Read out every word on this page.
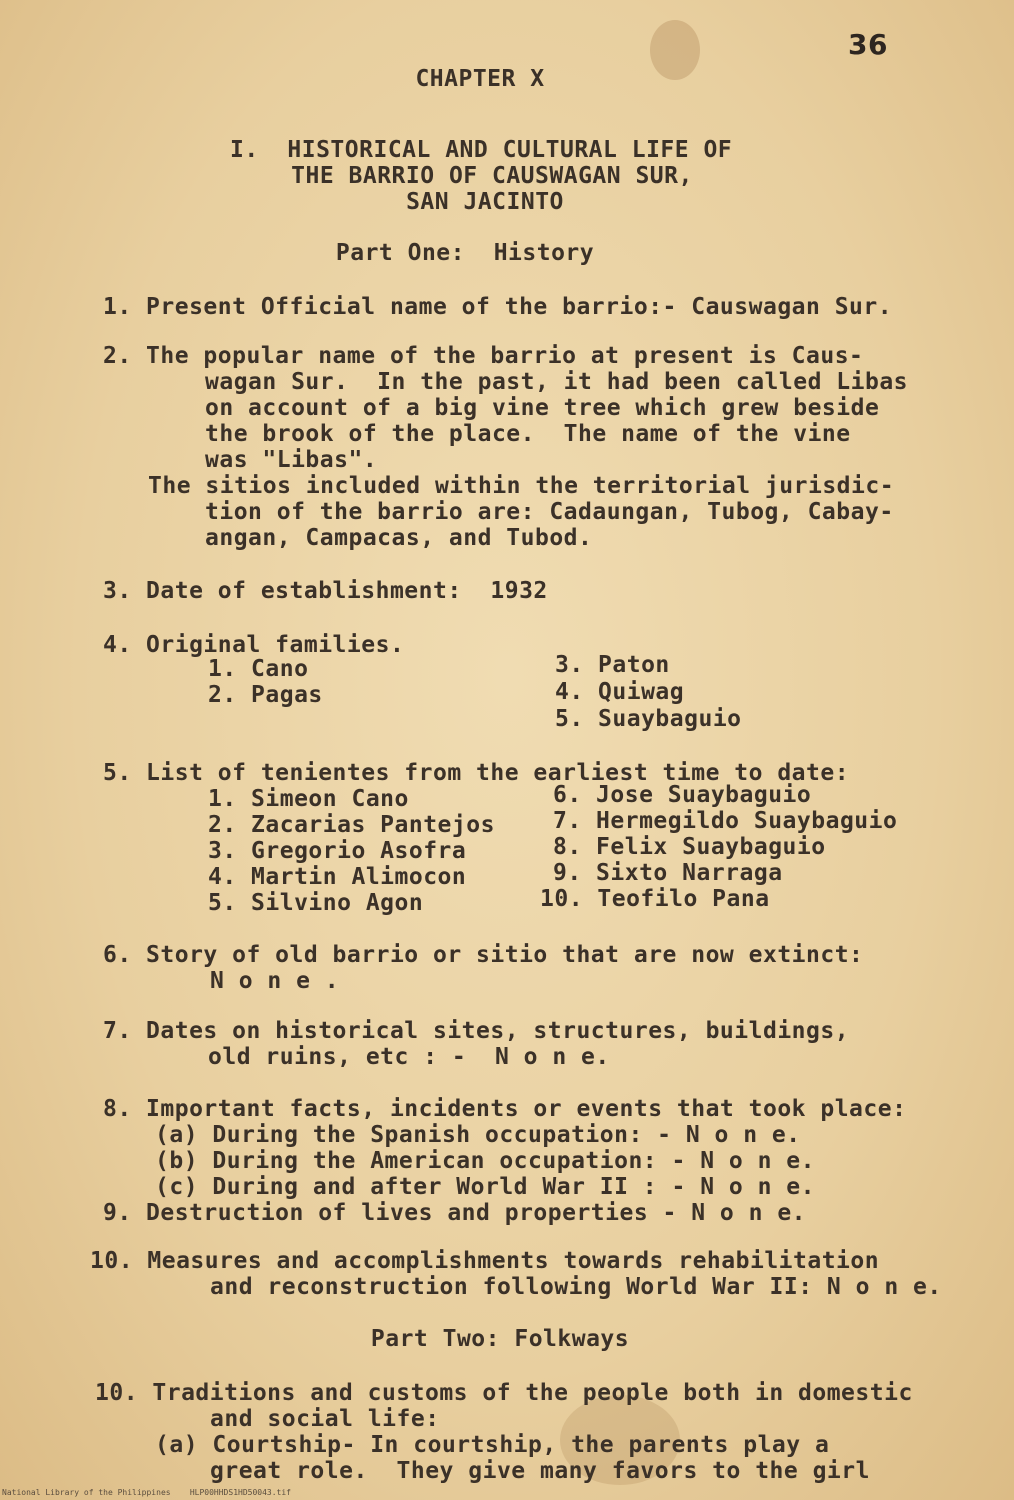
36
CHAPTER X
I.  HISTORICAL AND CULTURAL LIFE OF
THE BARRIO OF CAUSWAGAN SUR,
SAN JACINTO
Part One:  History
1. Present Official name of the barrio:- Causwagan Sur.
2. The popular name of the barrio at present is Caus-
wagan Sur.  In the past, it had been called Libas
on account of a big vine tree which grew beside
the brook of the place.  The name of the vine
was "Libas".
The sitios included within the territorial jurisdic-
tion of the barrio are: Cadaungan, Tubog, Cabay-
angan, Campacas, and Tubod.
3. Date of establishment:  1932
4. Original families.
1. Cano
2. Pagas
3. Paton
4. Quiwag
5. Suaybaguio
5. List of tenientes from the earliest time to date:
1. Simeon Cano
2. Zacarias Pantejos
3. Gregorio Asofra
4. Martin Alimocon
5. Silvino Agon
6. Jose Suaybaguio
7. Hermegildo Suaybaguio
8. Felix Suaybaguio
9. Sixto Narraga
10. Teofilo Pana
6. Story of old barrio or sitio that are now extinct:
N o n e .
7. Dates on historical sites, structures, buildings,
old ruins, etc : -  N o n e.
8. Important facts, incidents or events that took place:
(a) During the Spanish occupation: - N o n e.
(b) During the American occupation: - N o n e.
(c) During and after World War II : - N o n e.
9. Destruction of lives and properties - N o n e.
10. Measures and accomplishments towards rehabilitation
and reconstruction following World War II: N o n e.
Part Two: Folkways
10. Traditions and customs of the people both in domestic
and social life:
(a) Courtship- In courtship, the parents play a
great role.  They give many favors to the girl
National Library of the Philippines    HLP00HHDS1HD50043.tif
